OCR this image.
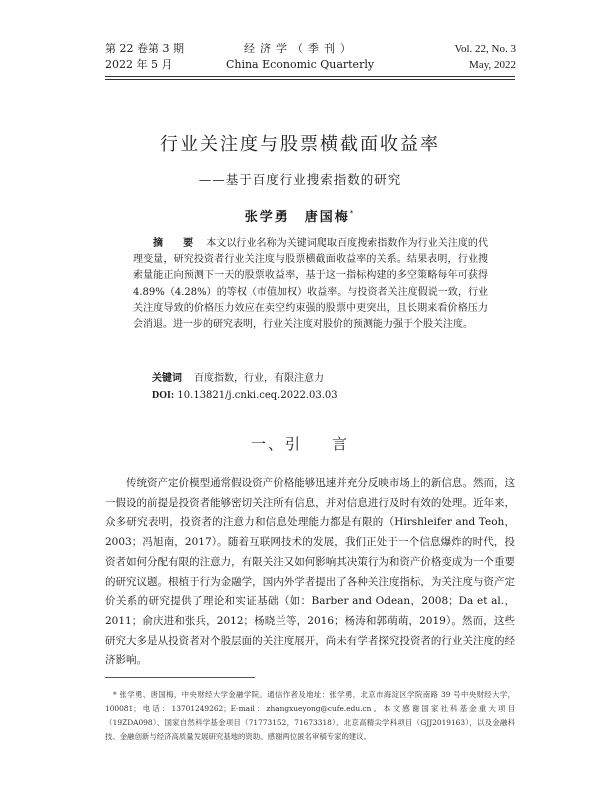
第 22 卷第 3 期
2022 年 5 月
经济学（季刊）
China Economic Quarterly
Vol. 22, No. 3
May, 2022
行业关注度与股票横截面收益率
——基于百度行业搜索指数的研究
张学勇　唐国梅*
摘　要 本文以行业名称为关键词爬取百度搜索指数作为行业关注度的代理变量，研究投资者行业关注度与股票横截面收益率的关系。结果表明，行业搜索量能正向预测下一天的股票收益率，基于这一指标构建的多空策略每年可获得 4.89%（4.28%）的等权（市值加权）收益率。与投资者关注度假说一致，行业关注度导致的价格压力效应在卖空约束强的股票中更突出，且长期来看价格压力会消退。进一步的研究表明，行业关注度对股价的预测能力强于个股关注度。
关键词 百度指数，行业，有限注意力
DOI: 10.13821/j.cnki.ceq.2022.03.03
一、引 言
传统资产定价模型通常假设资产价格能够迅速并充分反映市场上的新信息。然而，这一假设的前提是投资者能够密切关注所有信息，并对信息进行及时有效的处理。近年来，众多研究表明，投资者的注意力和信息处理能力都是有限的（Hirshleifer and Teoh，2003；冯旭南，2017）。随着互联网技术的发展，我们正处于一个信息爆炸的时代，投资者如何分配有限的注意力，有限关注又如何影响其决策行为和资产价格变成为一个重要的研究议题。根植于行为金融学，国内外学者提出了各种关注度指标，为关注度与资产定价关系的研究提供了理论和实证基础（如：Barber and Odean，2008；Da et al.，2011；俞庆进和张兵，2012；杨晓兰等，2016；杨涛和郭萌萌，2019）。然而，这些研究大多是从投资者对个股层面的关注度展开，尚未有学者探究投资者的行业关注度的经济影响。
* 张学勇、唐国梅，中央财经大学金融学院。通信作者及地址：张学勇，北京市海淀区学院南路 39 号中央财经大学，100081；电话：13701249262；E-mail：zhangxueyong@cufe.edu.cn。本文感谢国家社科基金重大项目（19ZDA098）、国家自然科学基金项目（71773152，71673318）、北京高精尖学科项目（GJJ2019163），以及金融科技、金融创新与经济高质量发展研究基地的资助。感谢两位匿名审稿专家的建议。
